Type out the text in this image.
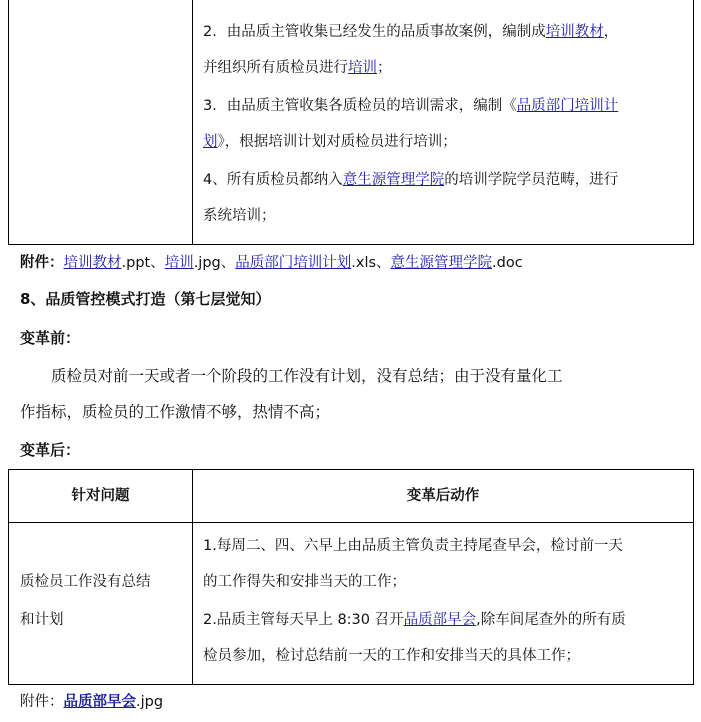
2．由品质主管收集已经发生的品质事故案例，编制成培训教材，
并组织所有质检员进行培训；
3．由品质主管收集各质检员的培训需求，编制《品质部门培训计
划》，根据培训计划对质检员进行培训；
4、所有质检员都纳入意生源管理学院的培训学院学员范畴，进行
系统培训；
附件：培训教材.ppt、培训.jpg、品质部门培训计划.xls、意生源管理学院.doc
8、品质管控模式打造（第七层觉知）
变革前：
质检员对前一天或者一个阶段的工作没有计划，没有总结；由于没有量化工
作指标，质检员的工作激情不够，热情不高；
变革后：
针对问题	变革后动作
质检员工作没有总结
和计划
1.每周二、四、六早上由品质主管负责主持尾查早会，检讨前一天
的工作得失和安排当天的工作；
2.品质主管每天早上 8:30 召开品质部早会,除车间尾查外的所有质
检员参加，检讨总结前一天的工作和安排当天的具体工作；
附件：品质部早会.jpg
